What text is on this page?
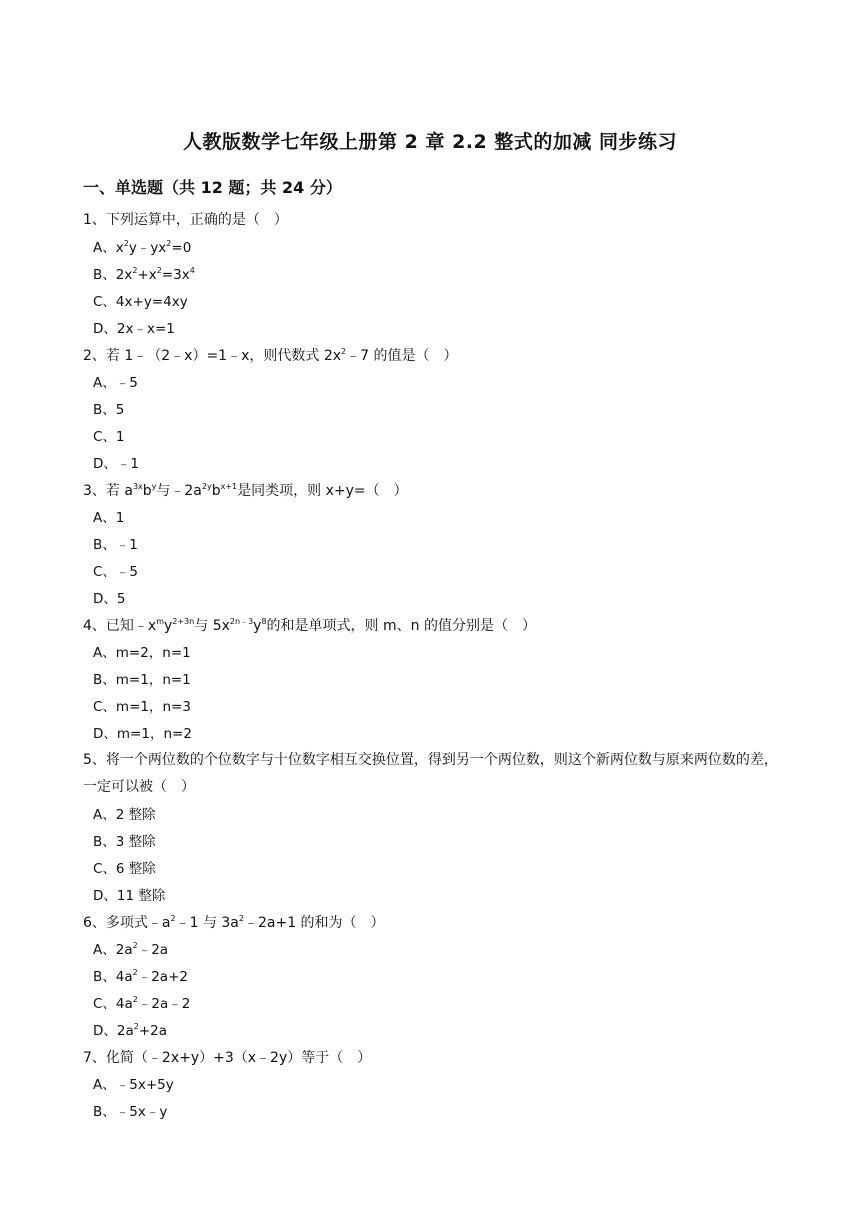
人教版数学七年级上册第 2 章 2.2 整式的加减 同步练习
一、单选题（共 12 题；共 24 分）
1、下列运算中，正确的是（　）
A、$x^2y﹣yx^2=0$
B、$2x^2+x^2=3x^4$
C、4x+y=4xy
D、2x﹣x=1
2、若 1﹣（2﹣x）=1﹣x，则代数式 $2x^2﹣7$ 的值是（　）
A、﹣5
B、5
C、1
D、﹣1
3、若 $a^{3x}b^y$与$﹣2a^{2y}b^{x+1}$是同类项，则 x+y=（　）
A、1
B、﹣1
C、﹣5
D、5
4、已知$﹣x^my^{2+3n}$与 $5x^{2n﹣3}y^8$的和是单项式，则 m、n 的值分别是（　）
A、m=2，n=1
B、m=1，n=1
C、m=1，n=3
D、m=1，n=2
5、将一个两位数的个位数字与十位数字相互交换位置，得到另一个两位数，则这个新两位数与原来两位数的差，一定可以被（　）
A、2 整除
B、3 整除
C、6 整除
D、11 整除
6、多项式$﹣a^2﹣1$ 与 $3a^2﹣2a+1$ 的和为（　）
A、$2a^2﹣2a$
B、$4a^2﹣2a+2$
C、$4a^2﹣2a﹣2$
D、$2a^2+2a$
7、化简（﹣2x+y）+3（x﹣2y）等于（　）
A、﹣5x+5y
B、﹣5x﹣y
